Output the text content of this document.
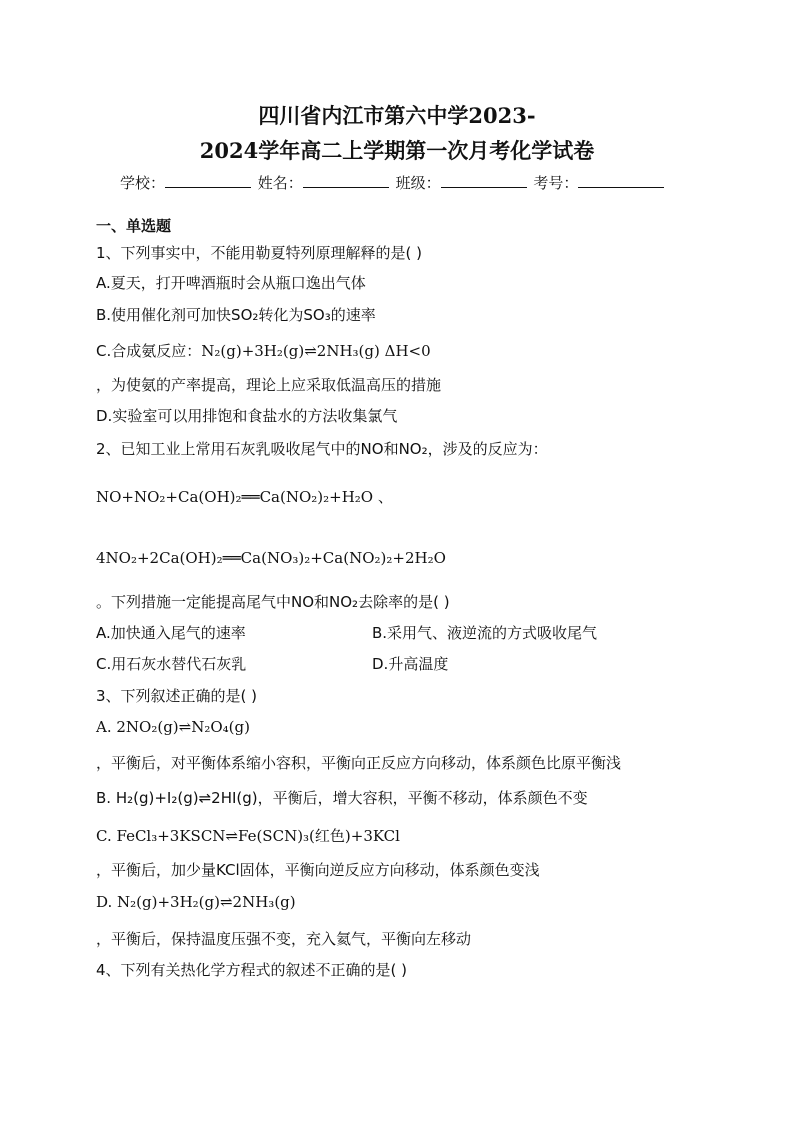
四川省内江市第六中学2023-
2024学年高二上学期第一次月考化学试卷
学校：	姓名：	班级：	考号：
一、单选题
1、下列事实中，不能用勒夏特列原理解释的是( )
A.夏天，打开啤酒瓶时会从瓶口逸出气体
B.使用催化剂可加快SO₂转化为SO₃的速率
C.合成氨反应：N₂(g)+3H₂(g)⇌2NH₃(g) ΔH<0
，为使氨的产率提高，理论上应采取低温高压的措施
D.实验室可以用排饱和食盐水的方法收集氯气
2、已知工业上常用石灰乳吸收尾气中的NO和NO₂，涉及的反应为：
NO+NO₂+Ca(OH)₂══Ca(NO₂)₂+H₂O 、
4NO₂+2Ca(OH)₂══Ca(NO₃)₂+Ca(NO₂)₂+2H₂O
。下列措施一定能提高尾气中NO和NO₂去除率的是( )
A.加快通入尾气的速率	B.采用气、液逆流的方式吸收尾气
C.用石灰水替代石灰乳	D.升高温度
3、下列叙述正确的是( )
A. 2NO₂(g)⇌N₂O₄(g)
，平衡后，对平衡体系缩小容积，平衡向正反应方向移动，体系颜色比原平衡浅
B. H₂(g)+I₂(g)⇌2HI(g)，平衡后，增大容积，平衡不移动，体系颜色不变
C. FeCl₃+3KSCN⇌Fe(SCN)₃(红色)+3KCl
，平衡后，加少量KCl固体，平衡向逆反应方向移动，体系颜色变浅
D. N₂(g)+3H₂(g)⇌2NH₃(g)
，平衡后，保持温度压强不变，充入氦气，平衡向左移动
4、下列有关热化学方程式的叙述不正确的是( )
